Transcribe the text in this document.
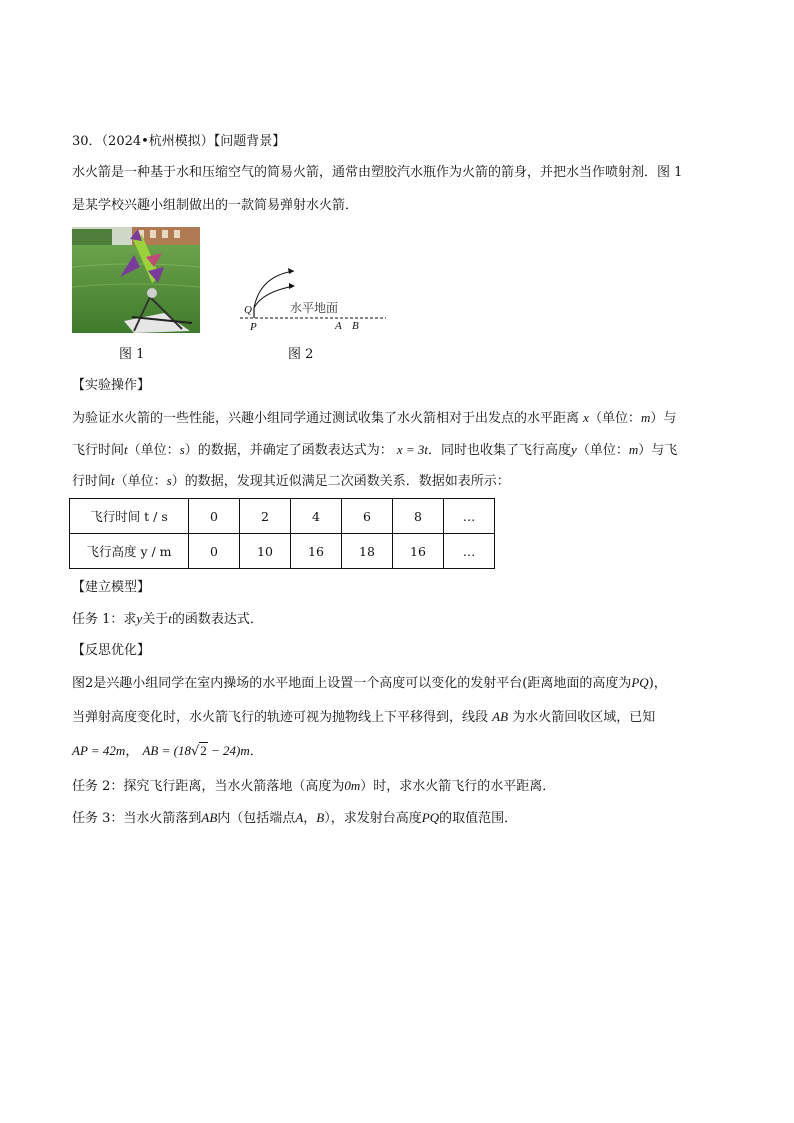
30．（2024•杭州模拟）【问题背景】
水火箭是一种基于水和压缩空气的简易火箭，通常由塑胶汽水瓶作为火箭的箭身，并把水当作喷射剂．图 1
是某学校兴趣小组制做出的一款简易弹射水火箭．
Q
P
水平地面
A B
图 1	图 2
【实验操作】
为验证水火箭的一些性能，兴趣小组同学通过测试收集了水火箭相对于出发点的水平距离 x（单位：m）与
飞行时间t（单位：s）的数据，并确定了函数表达式为： x = 3t．同时也收集了飞行高度y（单位：m）与飞
行时间t（单位：s）的数据，发现其近似满足二次函数关系．数据如表所示：
飞行时间 t / s	0	2	4	6	8	…
飞行高度 y / m	0	10	16	18	16	…
【建立模型】
任务 1：求y关于t的函数表达式．
【反思优化】
图2是兴趣小组同学在室内操场的水平地面上设置一个高度可以变化的发射平台(距离地面的高度为PQ)，
当弹射高度变化时，水火箭飞行的轨迹可视为抛物线上下平移得到，线段 AB 为水火箭回收区域，已知
AP = 42m， AB = (18√2 − 24)m．
任务 2：探究飞行距离，当水火箭落地（高度为0m）时，求水火箭飞行的水平距离．
任务 3：当水火箭落到AB内（包括端点A，B），求发射台高度PQ的取值范围．
